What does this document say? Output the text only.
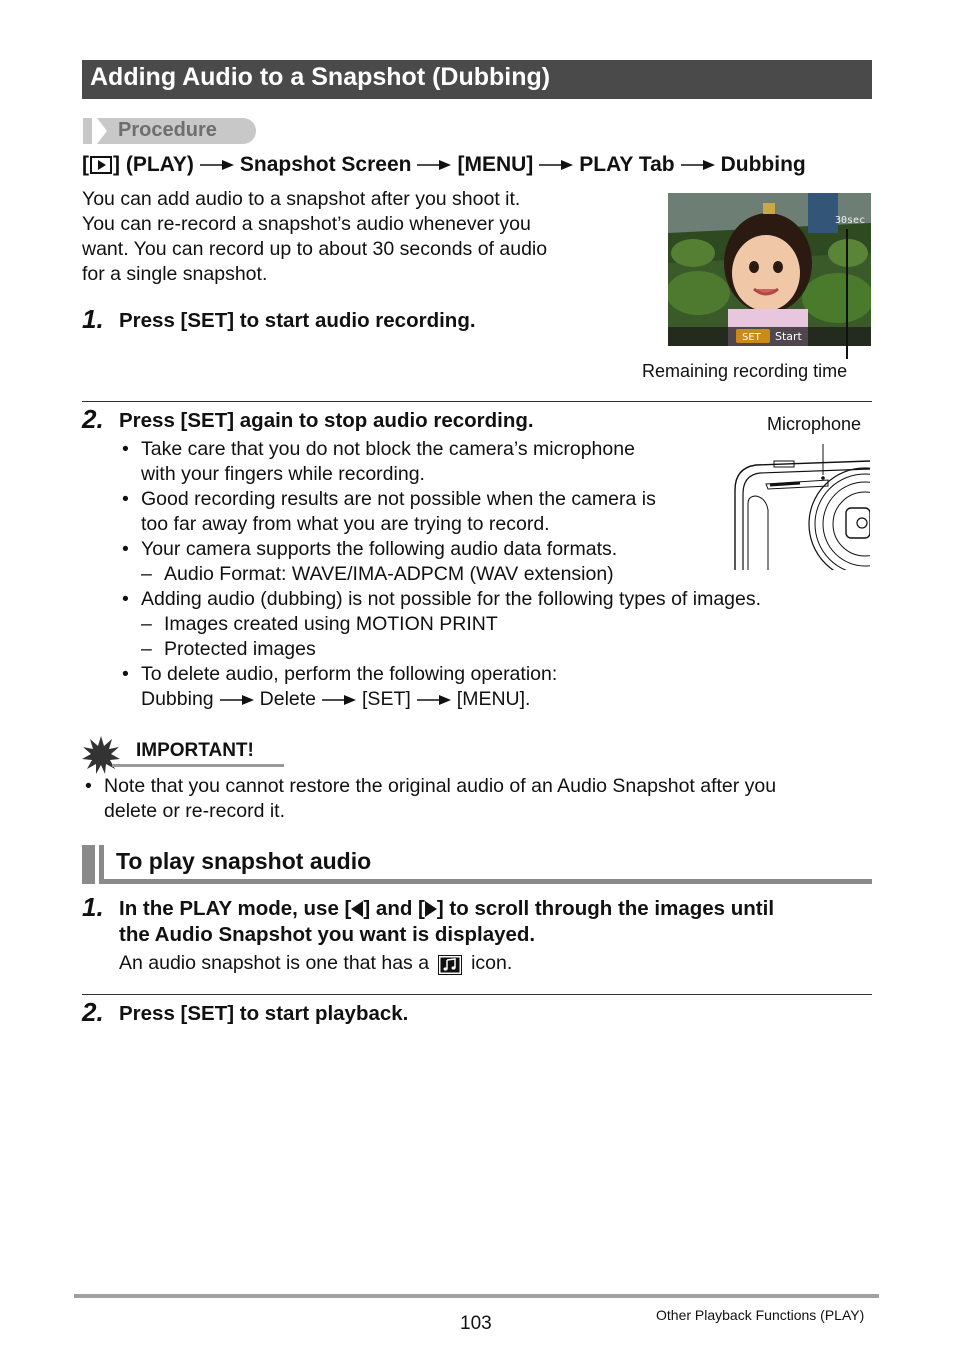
Adding Audio to a Snapshot (Dubbing)
Procedure
[ ] (PLAY) Snapshot Screen [MENU] PLAY Tab Dubbing
You can add audio to a snapshot after you shoot it.
You can re-record a snapshot’s audio whenever you
want. You can record up to about 30 seconds of audio
for a single snapshot.
1. Press [SET] to start audio recording.
30sec
SET Start
Remaining recording time
2. Press [SET] again to stop audio recording.	Microphone
• Take care that you do not block the camera’s microphone
with your fingers while recording.
• Good recording results are not possible when the camera is
too far away from what you are trying to record.
• Your camera supports the following audio data formats.
– Audio Format: WAVE/IMA-ADPCM (WAV extension)
• Adding audio (dubbing) is not possible for the following types of images.
– Images created using MOTION PRINT
– Protected images
• To delete audio, perform the following operation:
Dubbing Delete [SET] [MENU].
IMPORTANT!
• Note that you cannot restore the original audio of an Audio Snapshot after you
delete or re-record it.
To play snapshot audio
1. In the PLAY mode, use [ ] and [ ] to scroll through the images until
the Audio Snapshot you want is displayed.
An audio snapshot is one that has a icon.
2. Press [SET] to start playback.
103	Other Playback Functions (PLAY)
